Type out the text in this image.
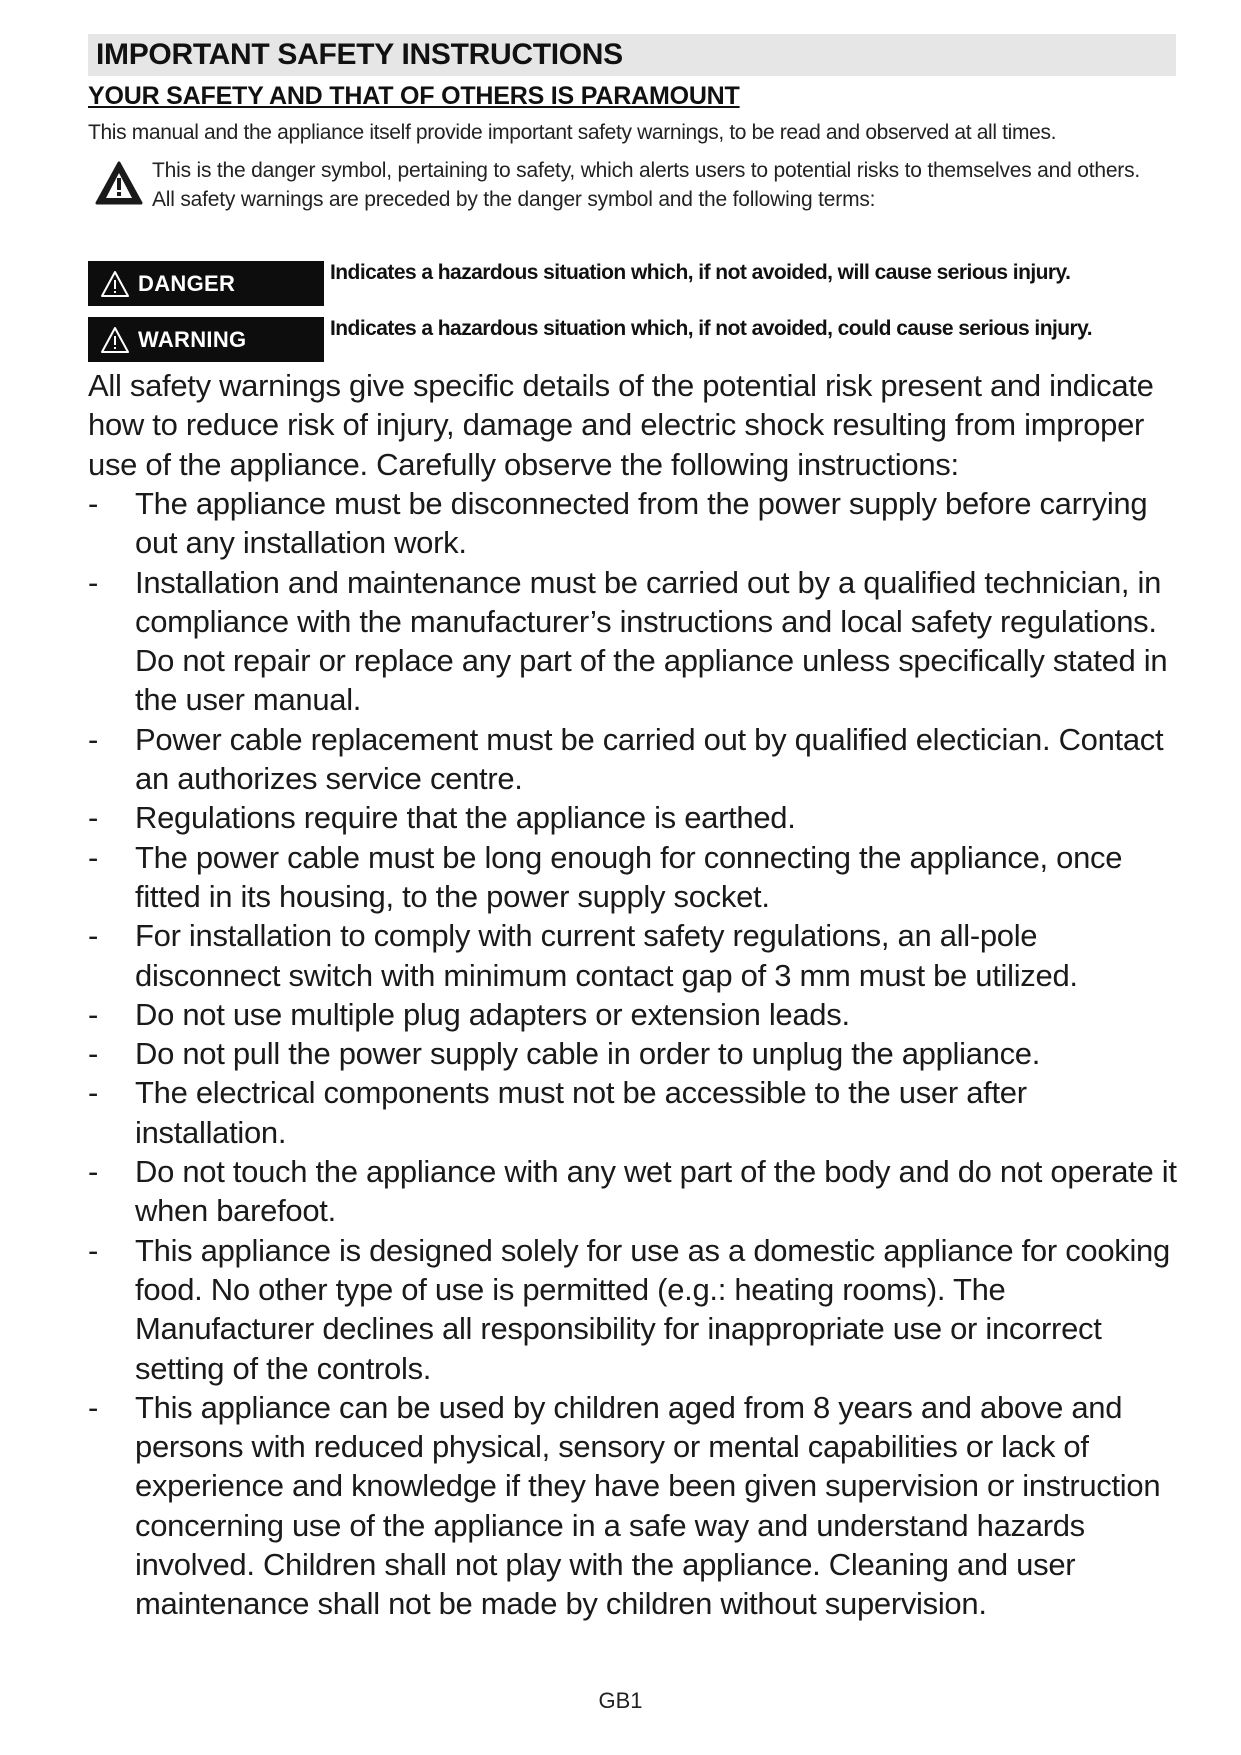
IMPORTANT SAFETY INSTRUCTIONS
YOUR SAFETY AND THAT OF OTHERS IS PARAMOUNT
This manual and the appliance itself provide important safety warnings, to be read and observed at all times.
This is the danger symbol, pertaining to safety, which alerts users to potential risks to themselves and others.
All safety warnings are preceded by the danger symbol and the following terms:
DANGER	Indicates a hazardous situation which, if not avoided, will cause serious injury.
WARNING	Indicates a hazardous situation which, if not avoided, could cause serious injury.
All safety warnings give specific details of the potential risk present and indicate how to reduce risk of injury, damage and electric shock resulting from improper use of the appliance. Carefully observe the following instructions:
-	The appliance must be disconnected from the power supply before carrying out any installation work.
-	Installation and maintenance must be carried out by a qualified technician, in compliance with the manufacturer’s instructions and local safety regulations. Do not repair or replace any part of the appliance unless specifically stated in the user manual.
-	Power cable replacement must be carried out by qualified electician. Contact an authorizes service centre.
-	Regulations require that the appliance is earthed.
-	The power cable must be long enough for connecting the appliance, once fitted in its housing, to the power supply socket.
-	For installation to comply with current safety regulations, an all-pole disconnect switch with minimum contact gap of 3 mm must be utilized.
-	Do not use multiple plug adapters or extension leads.
-	Do not pull the power supply cable in order to unplug the appliance.
-	The electrical components must not be accessible to the user after installation.
-	Do not touch the appliance with any wet part of the body and do not operate it when barefoot.
-	This appliance is designed solely for use as a domestic appliance for cooking food. No other type of use is permitted (e.g.: heating rooms). The Manufacturer declines all responsibility for inappropriate use or incorrect setting of the controls.
-	This appliance can be used by children aged from 8 years and above and persons with reduced physical, sensory or mental capabilities or lack of experience and knowledge if they have been given supervision or instruction concerning use of the appliance in a safe way and understand hazards involved. Children shall not play with the appliance. Cleaning and user maintenance shall not be made by children without supervision.
GB1
